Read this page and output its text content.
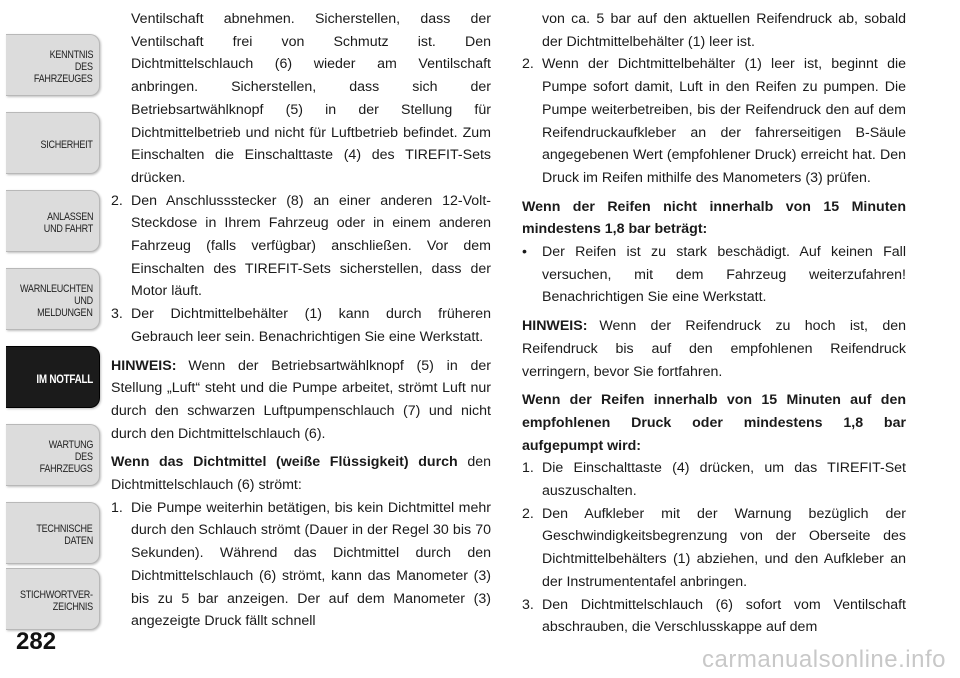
KENNTNIS
DES
FAHRZEUGES
SICHERHEIT
ANLASSEN
UND FAHRT
WARNLEUCHTEN
UND
MELDUNGEN
IM NOTFALL
WARTUNG
DES
FAHRZEUGS
TECHNISCHE
DATEN
STICHWORTVER-
ZEICHNIS
282

Ventilschaft abnehmen. Sicherstellen, dass der Ventilschaft frei von Schmutz ist. Den Dichtmittelschlauch (6) wieder am Ventilschaft anbringen. Sicherstellen, dass sich der Betriebsartwählknopf (5) in der Stellung für Dichtmittelbetrieb und nicht für Luftbetrieb befindet. Zum Einschalten die Einschalttaste (4) des TIREFIT-Sets drücken.

2. Den Anschlussstecker (8) an einer anderen 12-Volt-Steckdose in Ihrem Fahrzeug oder in einem anderen Fahrzeug (falls verfügbar) anschließen. Vor dem Einschalten des TIREFIT-Sets sicherstellen, dass der Motor läuft.
3. Der Dichtmittelbehälter (1) kann durch früheren Gebrauch leer sein. Benachrichtigen Sie eine Werkstatt.

HINWEIS: Wenn der Betriebsartwählknopf (5) in der Stellung „Luft“ steht und die Pumpe arbeitet, strömt Luft nur durch den schwarzen Luftpumpenschlauch (7) und nicht durch den Dichtmittelschlauch (6).

Wenn das Dichtmittel (weiße Flüssigkeit) durch den Dichtmittelschlauch (6) strömt:

1. Die Pumpe weiterhin betätigen, bis kein Dichtmittel mehr durch den Schlauch strömt (Dauer in der Regel 30 bis 70 Sekunden). Während das Dichtmittel durch den Dichtmittelschlauch (6) strömt, kann das Manometer (3) bis zu 5 bar anzeigen. Der auf dem Manometer (3) angezeigte Druck fällt schnell

von ca. 5 bar auf den aktuellen Reifendruck ab, sobald der Dichtmittelbehälter (1) leer ist.

2. Wenn der Dichtmittelbehälter (1) leer ist, beginnt die Pumpe sofort damit, Luft in den Reifen zu pumpen. Die Pumpe weiterbetreiben, bis der Reifendruck den auf dem Reifendruckaufkleber an der fahrerseitigen B-Säule angegebenen Wert (empfohlener Druck) erreicht hat. Den Druck im Reifen mithilfe des Manometers (3) prüfen.

Wenn der Reifen nicht innerhalb von 15 Minuten mindestens 1,8 bar beträgt:

• Der Reifen ist zu stark beschädigt. Auf keinen Fall versuchen, mit dem Fahrzeug weiterzufahren! Benachrichtigen Sie eine Werkstatt.

HINWEIS: Wenn der Reifendruck zu hoch ist, den Reifendruck bis auf den empfohlenen Reifendruck verringern, bevor Sie fortfahren.

Wenn der Reifen innerhalb von 15 Minuten auf den empfohlenen Druck oder mindestens 1,8 bar aufgepumpt wird:

1. Die Einschalttaste (4) drücken, um das TIREFIT-Set auszuschalten.
2. Den Aufkleber mit der Warnung bezüglich der Geschwindigkeitsbegrenzung von der Oberseite des Dichtmittelbehälters (1) abziehen, und den Aufkleber an der Instrumententafel anbringen.
3. Den Dichtmittelschlauch (6) sofort vom Ventilschaft abschrauben, die Verschlusskappe auf dem
carmanualsonline.info
